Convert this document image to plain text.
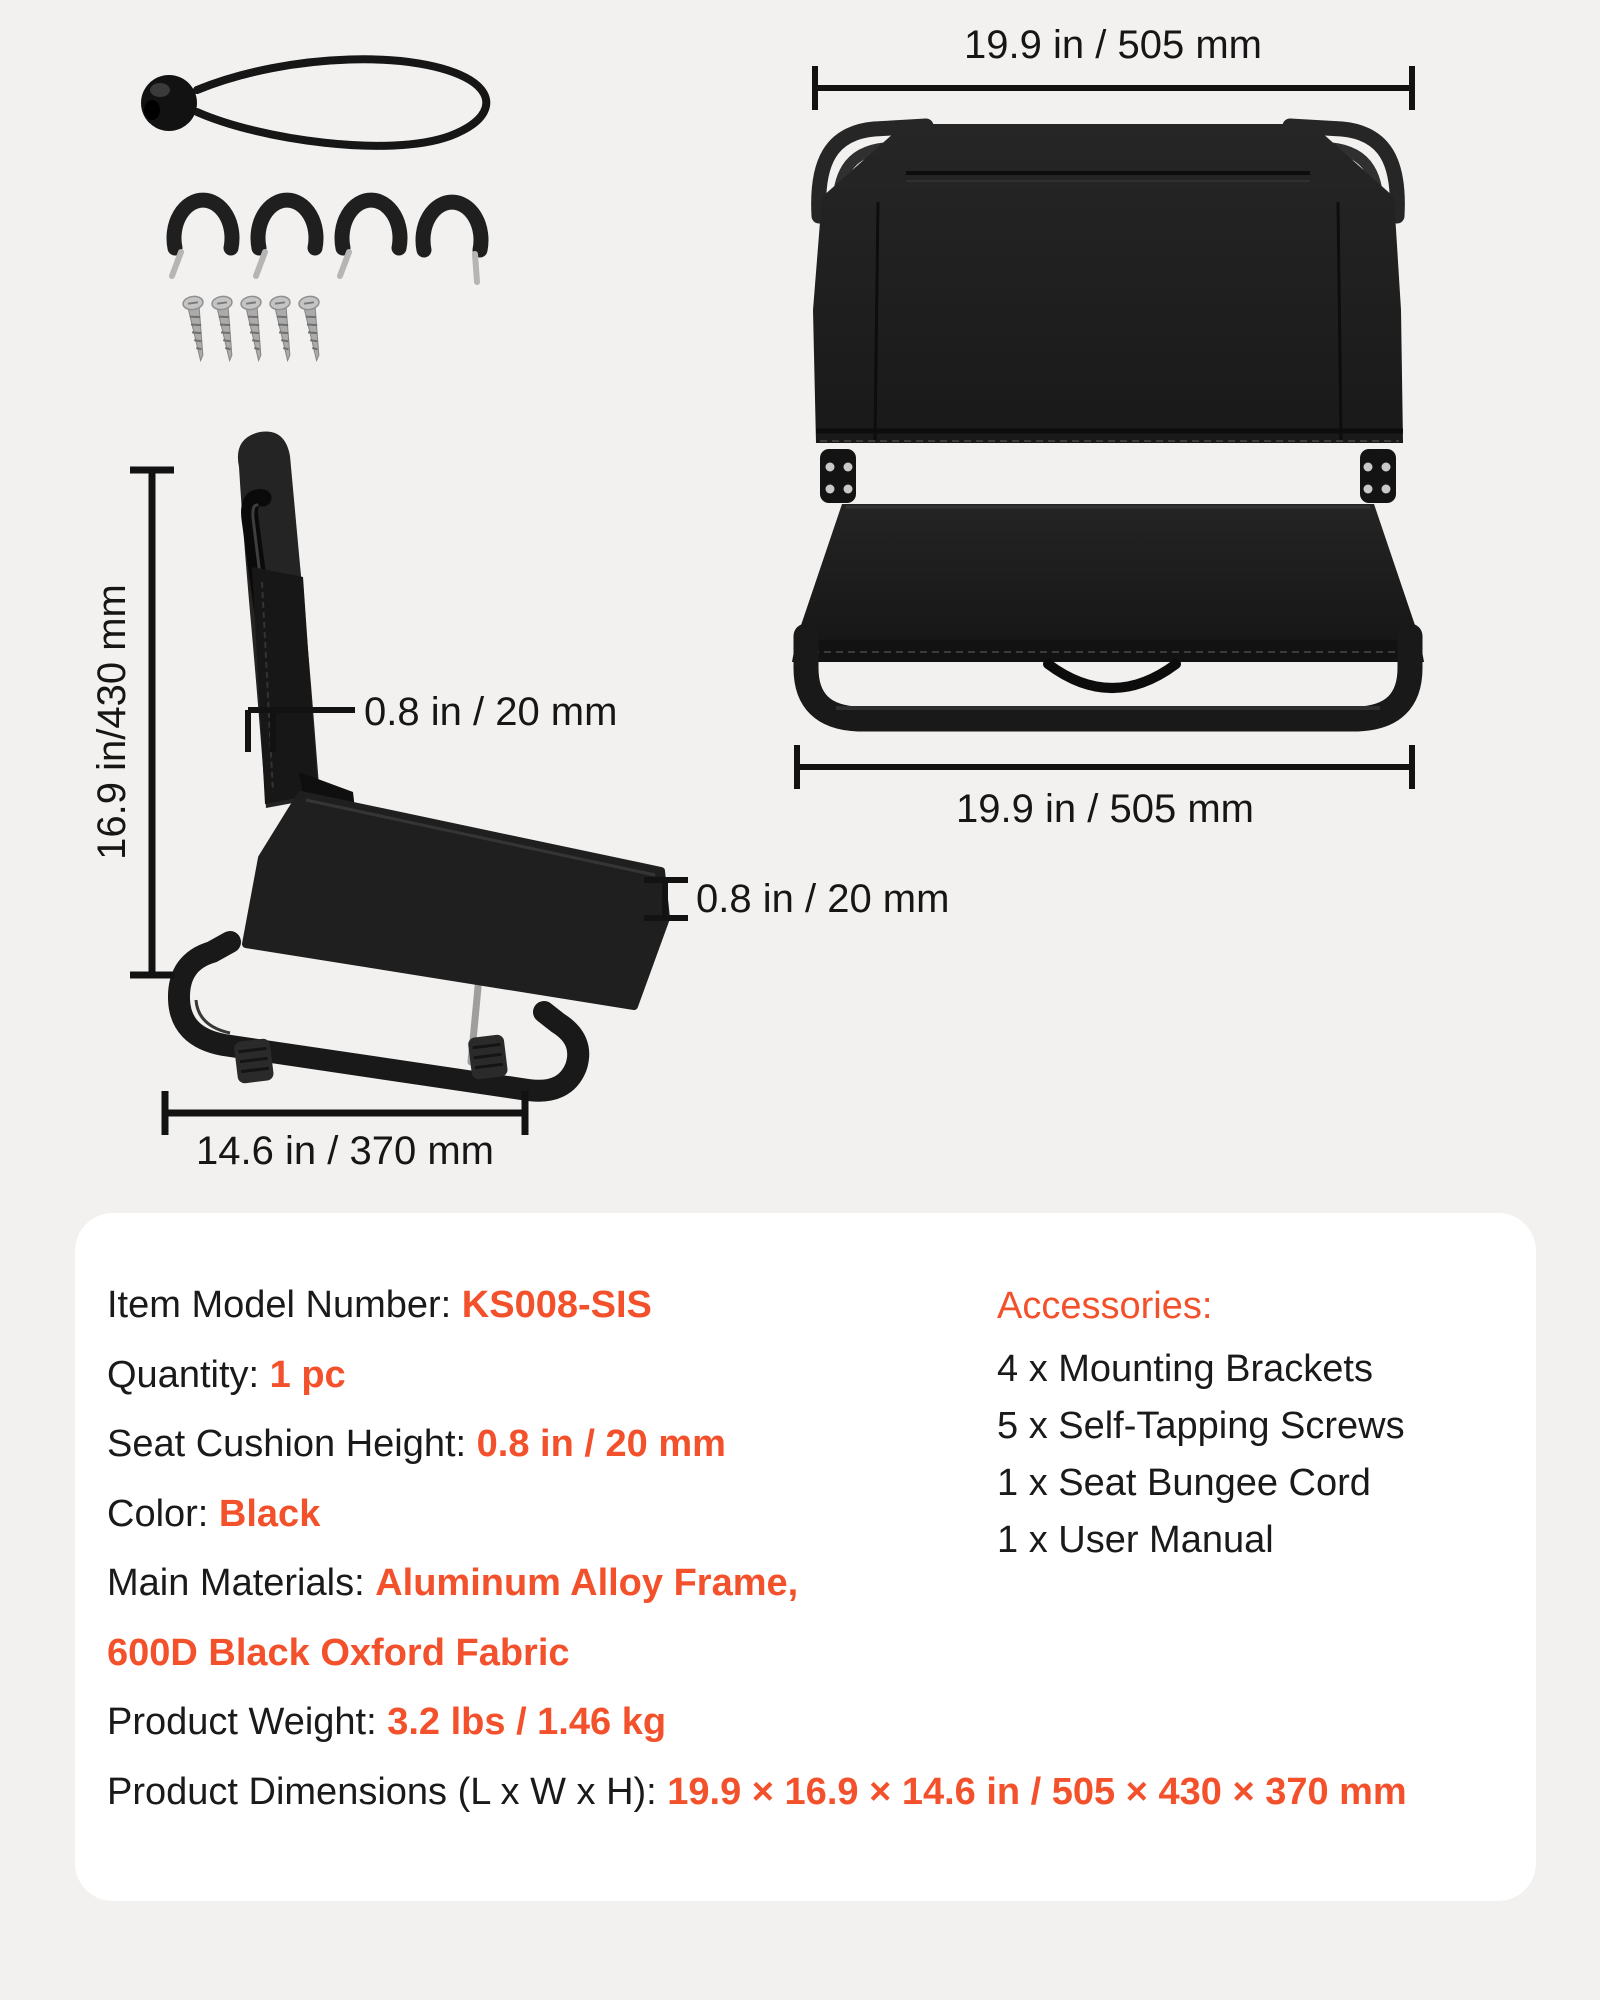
19.9 in / 505 mm
19.9 in / 505 mm
16.9 in/430 mm	0.8 in / 20 mm
0.8 in / 20 mm
14.6 in / 370 mm
Item Model Number: KS008-SIS
Quantity: 1 pc
Seat Cushion Height: 0.8 in / 20 mm
Color: Black
Main Materials: Aluminum Alloy Frame,
600D Black Oxford Fabric
Product Weight: 3.2 lbs / 1.46 kg
Product Dimensions (L x W x H): 19.9 × 16.9 × 14.6 in / 505 × 430 × 370 mm
Accessories:
4 x Mounting Brackets
5 x Self-Tapping Screws
1 x Seat Bungee Cord
1 x User Manual
